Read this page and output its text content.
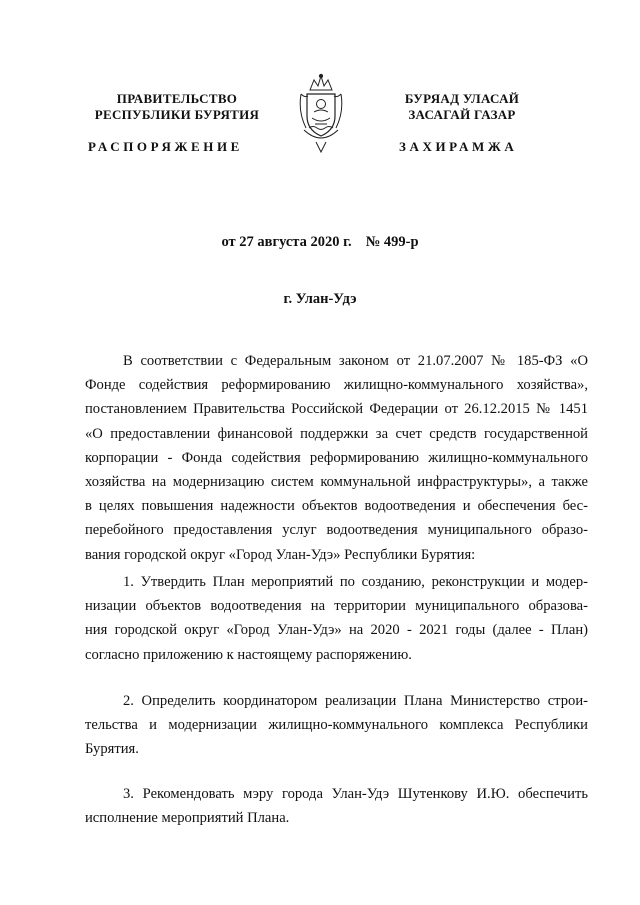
ПРАВИТЕЛЬСТВО
РЕСПУБЛИКИ БУРЯТИЯ
БУРЯАД УЛАСАЙ
ЗАСАГАЙ ГАЗАР
РАСПОРЯЖЕНИЕ	ЗАХИРАМЖА
от 27 августа 2020 г. № 499-р
г. Улан-Удэ
В соответствии с Федеральным законом от 21.07.2007 № 185-ФЗ «О
Фонде содействия реформированию жилищно-коммунального хозяйства»,
постановлением Правительства Российской Федерации от 26.12.2015 № 1451
«О предоставлении финансовой поддержки за счет средств государственной
корпорации - Фонда содействия реформированию жилищно-коммунального
хозяйства на модернизацию систем коммунальной инфраструктуры», а также
в целях повышения надежности объектов водоотведения и обеспечения бес-
перебойного предоставления услуг водоотведения муниципального образо-
вания городской округ «Город Улан-Удэ» Республики Бурятия:
1. Утвердить План мероприятий по созданию, реконструкции и модер-
низации объектов водоотведения на территории муниципального образова-
ния городской округ «Город Улан-Удэ» на 2020 - 2021 годы (далее - План)
согласно приложению к настоящему распоряжению.
2. Определить координатором реализации Плана Министерство строи-
тельства и модернизации жилищно-коммунального комплекса Республики
Бурятия.
3. Рекомендовать мэру города Улан-Удэ Шутенкову И.Ю. обеспечить
исполнение мероприятий Плана.
